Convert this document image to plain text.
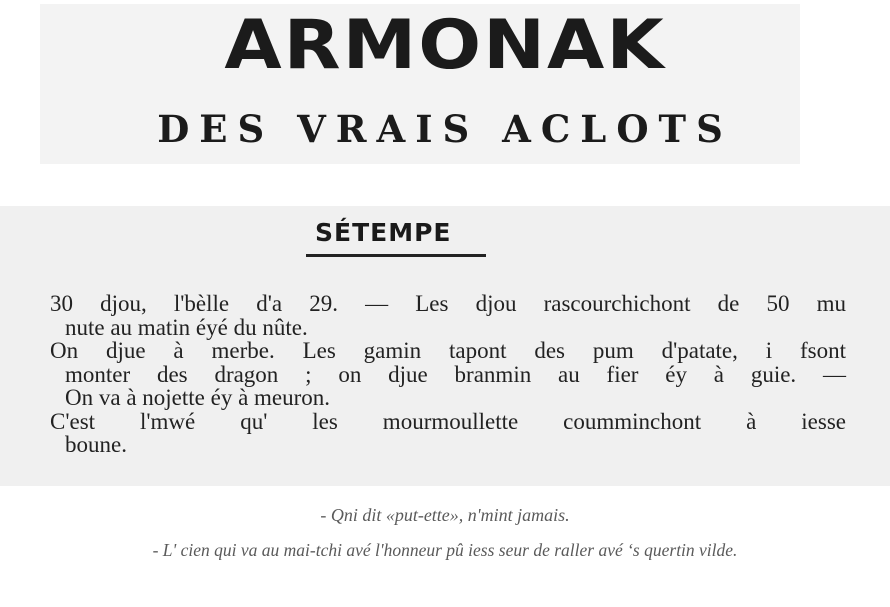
ARMONAK
DES VRAIS ACLOTS
SÉTEMPE

30 djou, l'bèlle d'a 29. — Les djou rascourchichont de 50 mu
nute au matin éyé du nûte.

On djue à merbe. Les gamin tapont des pum d'patate, i fsont
monter des dragon ; on djue branmin au fier éy à guie. —
On va à nojette éy à meuron.

C'est l'mwé qu' les mourmoullette coumminchont à iesse
boune.

- Qni dit «put-ette», n'mint jamais.
- L' cien qui va au mai-tchi avé l'honneur pû iess seur de raller avé ‘s quertin vilde.
